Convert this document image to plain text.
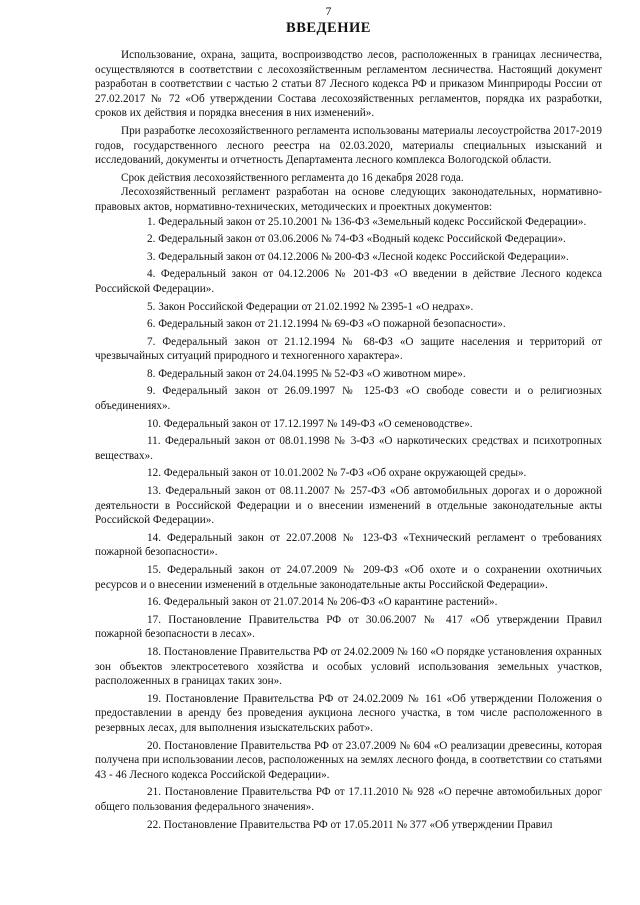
7
ВВЕДЕНИЕ

Использование, охрана, защита, воспроизводство лесов, расположенных в границах лесничества, осуществляются в соответствии с лесохозяйственным регламентом лесничества. Настоящий документ разработан в соответствии с частью 2 статьи 87 Лесного кодекса РФ и приказом Минприроды России от 27.02.2017 № 72 «Об утверждении Состава лесохозяйственных регламентов, порядка их разработки, сроков их действия и порядка внесения в них изменений».

При разработке лесохозяйственного регламента использованы материалы лесоустройства 2017-2019 годов, государственного лесного реестра на 02.03.2020, материалы специальных изысканий и исследований, документы и отчетность Департамента лесного комплекса Вологодской области.

Срок действия лесохозяйственного регламента до 16 декабря 2028 года.

Лесохозяйственный регламент разработан на основе следующих законодательных, нормативно-правовых актов, нормативно-технических, методических и проектных документов:

1. Федеральный закон от 25.10.2001 № 136-ФЗ «Земельный кодекс Российской Федерации».

2. Федеральный закон от 03.06.2006 № 74-ФЗ «Водный кодекс Российской Федерации».

3. Федеральный закон от 04.12.2006 № 200-ФЗ «Лесной кодекс Российской Федерации».

4. Федеральный закон от 04.12.2006 № 201-ФЗ «О введении в действие Лесного кодекса Российской Федерации».

5. Закон Российской Федерации от 21.02.1992 № 2395-1 «О недрах».

6. Федеральный закон от 21.12.1994 № 69-ФЗ «О пожарной безопасности».

7. Федеральный закон от 21.12.1994 № 68-ФЗ «О защите населения и территорий от чрезвычайных ситуаций природного и техногенного характера».

8. Федеральный закон от 24.04.1995 № 52-ФЗ «О животном мире».

9. Федеральный закон от 26.09.1997 № 125-ФЗ «О свободе совести и о религиозных объединениях».

10. Федеральный закон от 17.12.1997 № 149-ФЗ «О семеноводстве».

11. Федеральный закон от 08.01.1998 № 3-ФЗ «О наркотических средствах и психотропных веществах».

12. Федеральный закон от 10.01.2002 № 7-ФЗ «Об охране окружающей среды».

13. Федеральный закон от 08.11.2007 № 257-ФЗ «Об автомобильных дорогах и о дорожной деятельности в Российской Федерации и о внесении изменений в отдельные законодательные акты Российской Федерации».

14. Федеральный закон от 22.07.2008 № 123-ФЗ «Технический регламент о требованиях пожарной безопасности».

15. Федеральный закон от 24.07.2009 № 209-ФЗ «Об охоте и о сохранении охотничьих ресурсов и о внесении изменений в отдельные законодательные акты Российской Федерации».

16. Федеральный закон от 21.07.2014 № 206-ФЗ «О карантине растений».

17. Постановление Правительства РФ от 30.06.2007 № 417 «Об утверждении Правил пожарной безопасности в лесах».

18. Постановление Правительства РФ от 24.02.2009 № 160 «О порядке установления охранных зон объектов электросетевого хозяйства и особых условий использования земельных участков, расположенных в границах таких зон».

19. Постановление Правительства РФ от 24.02.2009 № 161 «Об утверждении Положения о предоставлении в аренду без проведения аукциона лесного участка, в том числе расположенного в резервных лесах, для выполнения изыскательских работ».

20. Постановление Правительства РФ от 23.07.2009 № 604 «О реализации древесины, которая получена при использовании лесов, расположенных на землях лесного фонда, в соответствии со статьями 43 - 46 Лесного кодекса Российской Федерации».

21. Постановление Правительства РФ от 17.11.2010 № 928 «О перечне автомобильных дорог общего пользования федерального значения».

22. Постановление Правительства РФ от 17.05.2011 № 377 «Об утверждении Правил
